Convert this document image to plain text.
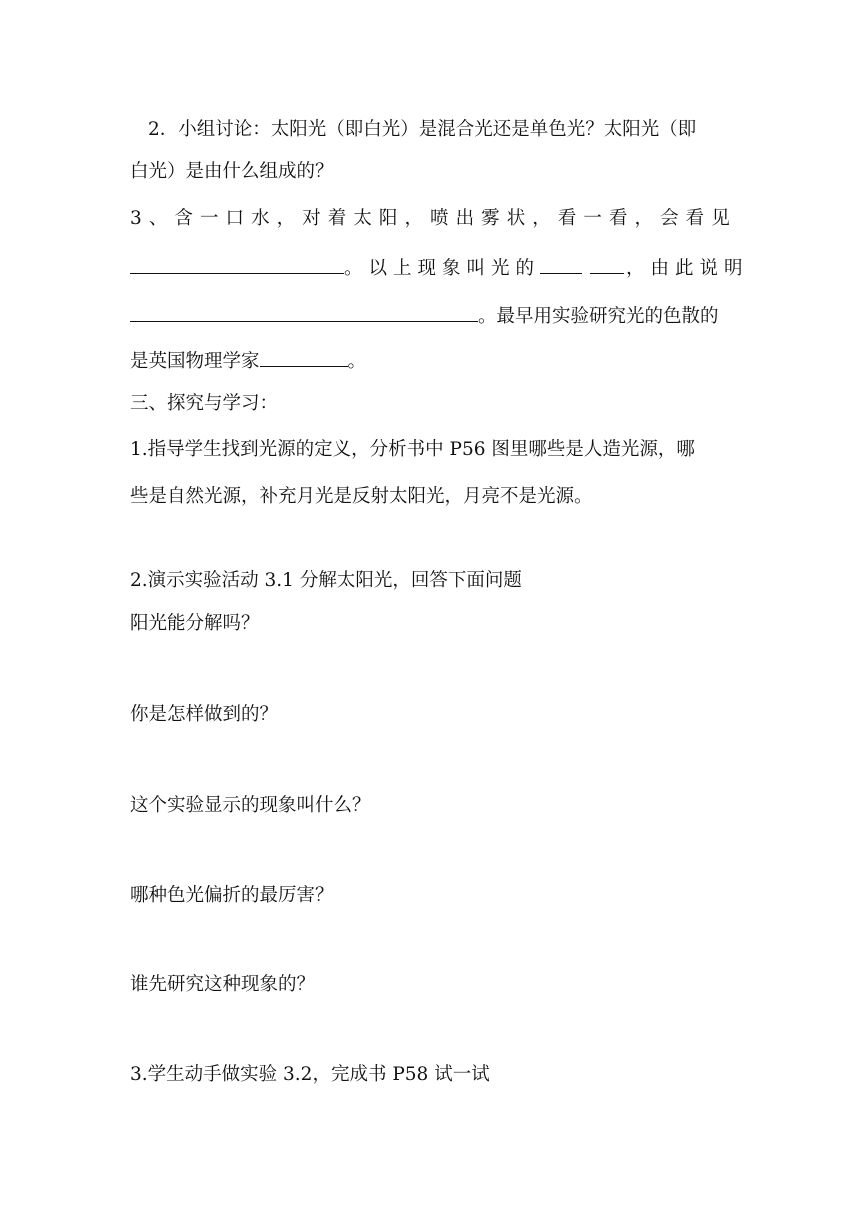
2．小组讨论：太阳光（即白光）是混合光还是单色光？太阳光（即
白光）是由什么组成的？
3 、 含 一 口 水 ， 对 着 太 阳 ， 喷 出 雾 状 ， 看 一 看 ， 会 看 见
。以上现象叫光的	，由此说明
。最早用实验研究光的色散的
是英国物理学家	。
三、探究与学习：
1.指导学生找到光源的定义，分析书中 P56 图里哪些是人造光源，哪
些是自然光源，补充月光是反射太阳光，月亮不是光源。
2.演示实验活动 3.1 分解太阳光，回答下面问题
阳光能分解吗？
你是怎样做到的？
这个实验显示的现象叫什么？
哪种色光偏折的最厉害？
谁先研究这种现象的？
3.学生动手做实验 3.2，完成书 P58 试一试
